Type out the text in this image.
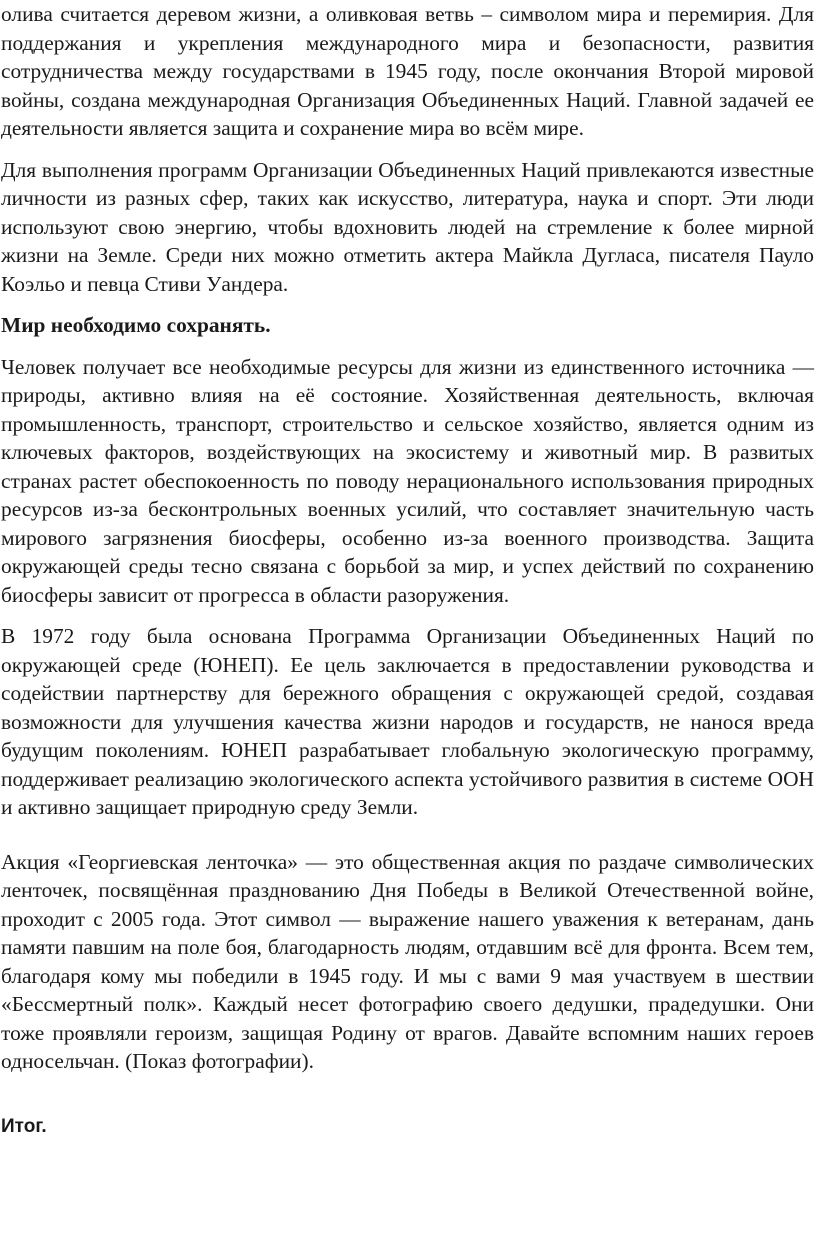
олива считается деревом жизни, а оливковая ветвь – символом мира и перемирия. Для поддержания и укрепления международного мира и безопасности, развития сотрудничества между государствами в 1945 году, после окончания Второй мировой войны, создана международная Организация Объединенных Наций. Главной задачей ее деятельности является защита и сохранение мира во всём мире.

Для выполнения программ Организации Объединенных Наций привлекаются известные личности из разных сфер, таких как искусство, литература, наука и спорт. Эти люди используют свою энергию, чтобы вдохновить людей на стремление к более мирной жизни на Земле. Среди них можно отметить актера Майкла Дугласа, писателя Пауло Коэльо и певца Стиви Уандера.

Мир необходимо сохранять.

Человек получает все необходимые ресурсы для жизни из единственного источника — природы, активно влияя на её состояние. Хозяйственная деятельность, включая промышленность, транспорт, строительство и сельское хозяйство, является одним из ключевых факторов, воздействующих на экосистему и животный мир. В развитых странах растет обеспокоенность по поводу нерационального использования природных ресурсов из-за бесконтрольных военных усилий, что составляет значительную часть мирового загрязнения биосферы, особенно из-за военного производства. Защита окружающей среды тесно связана с борьбой за мир, и успех действий по сохранению биосферы зависит от прогресса в области разоружения.

В 1972 году была основана Программа Организации Объединенных Наций по окружающей среде (ЮНЕП). Ее цель заключается в предоставлении руководства и содействии партнерству для бережного обращения с окружающей средой, создавая возможности для улучшения качества жизни народов и государств, не нанося вреда будущим поколениям. ЮНЕП разрабатывает глобальную экологическую программу, поддерживает реализацию экологического аспекта устойчивого развития в системе ООН и активно защищает природную среду Земли.

Акция «Георгиевская ленточка» — это общественная акция по раздаче символических ленточек, посвящённая празднованию Дня Победы в Великой Отечественной войне, проходит с 2005 года. Этот символ — выражение нашего уважения к ветеранам, дань памяти павшим на поле боя, благодарность людям, отдавшим всё для фронта. Всем тем, благодаря кому мы победили в 1945 году. И мы с вами 9 мая участвуем в шествии «Бессмертный полк». Каждый несет фотографию своего дедушки, прадедушки. Они тоже проявляли героизм, защищая Родину от врагов. Давайте вспомним наших героев односельчан. (Показ фотографии).

Итог.
